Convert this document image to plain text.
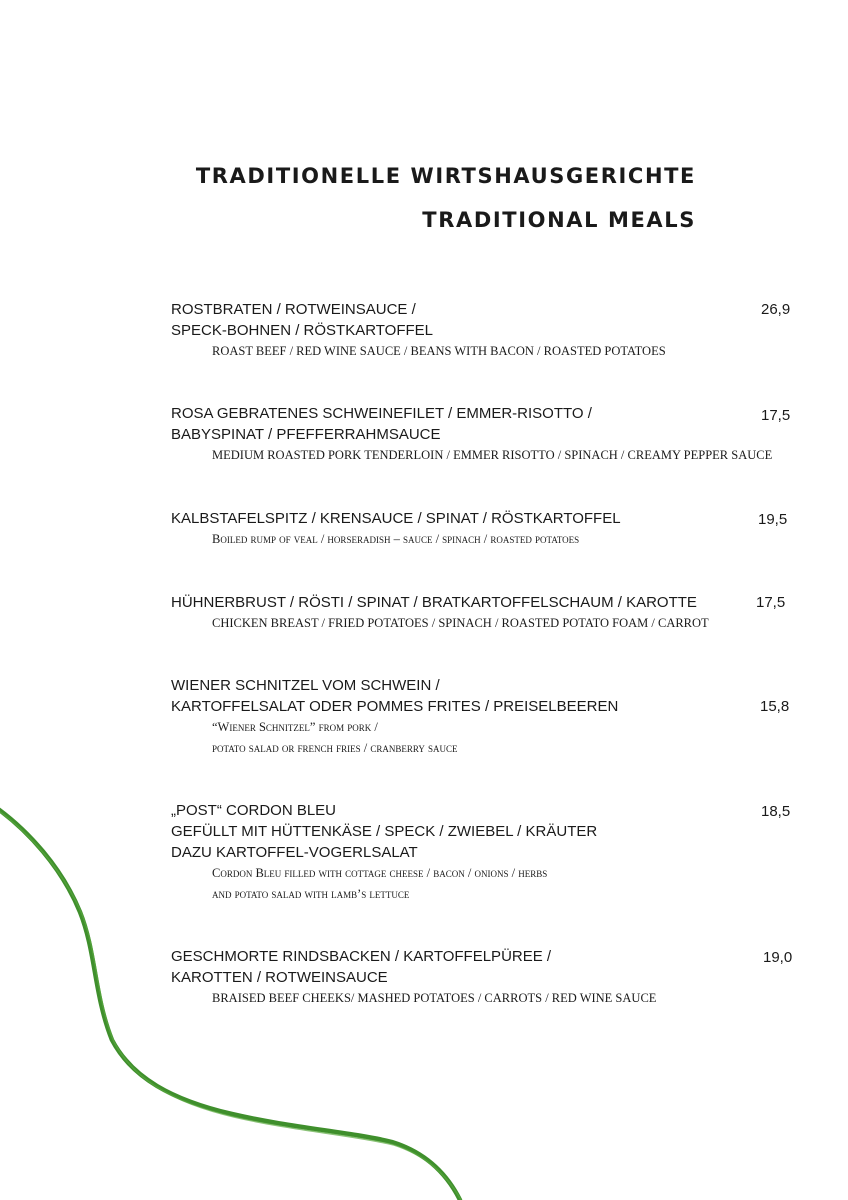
TRADITIONELLE WIRTSHAUSGERICHTE
TRADITIONAL MEALS
ROSTBRATEN / ROTWEINSAUCE /
SPECK-BOHNEN / RÖSTKARTOFFEL
ROAST BEEF / RED WINE SAUCE / BEANS WITH BACON / ROASTED POTATOES
26,9
ROSA GEBRATENES SCHWEINEFILET / EMMER-RISOTTO /
BABYSPINAT / PFEFFERRAHMSAUCE
MEDIUM ROASTED PORK TENDERLOIN / EMMER RISOTTO / SPINACH / CREAMY PEPPER SAUCE
17,5
KALBSTAFELSPITZ / KRENSAUCE / SPINAT / RÖSTKARTOFFEL
Boiled rump of veal / horseradish – sauce / spinach / roasted potatoes
19,5
HÜHNERBRUST / RÖSTI / SPINAT / BRATKARTOFFELSCHAUM / KAROTTE
CHICKEN BREAST / FRIED POTATOES / SPINACH / ROASTED POTATO FOAM / CARROT
17,5
WIENER SCHNITZEL VOM SCHWEIN /
KARTOFFELSALAT ODER POMMES FRITES / PREISELBEEREN
“Wiener Schnitzel” from pork /
potato salad or french fries / cranberry sauce
15,8
„POST“ CORDON BLEU
GEFÜLLT MIT HÜTTENKÄSE / SPECK / ZWIEBEL / KRÄUTER
DAZU KARTOFFEL-VOGERLSALAT
Cordon Bleu filled with cottage cheese / bacon / onions / herbs
and potato salad with lamb’s lettuce
18,5
GESCHMORTE RINDSBACKEN / KARTOFFELPÜREE /
KAROTTEN / ROTWEINSAUCE
BRAISED BEEF CHEEKS/ MASHED POTATOES / CARROTS / RED WINE SAUCE
19,0
